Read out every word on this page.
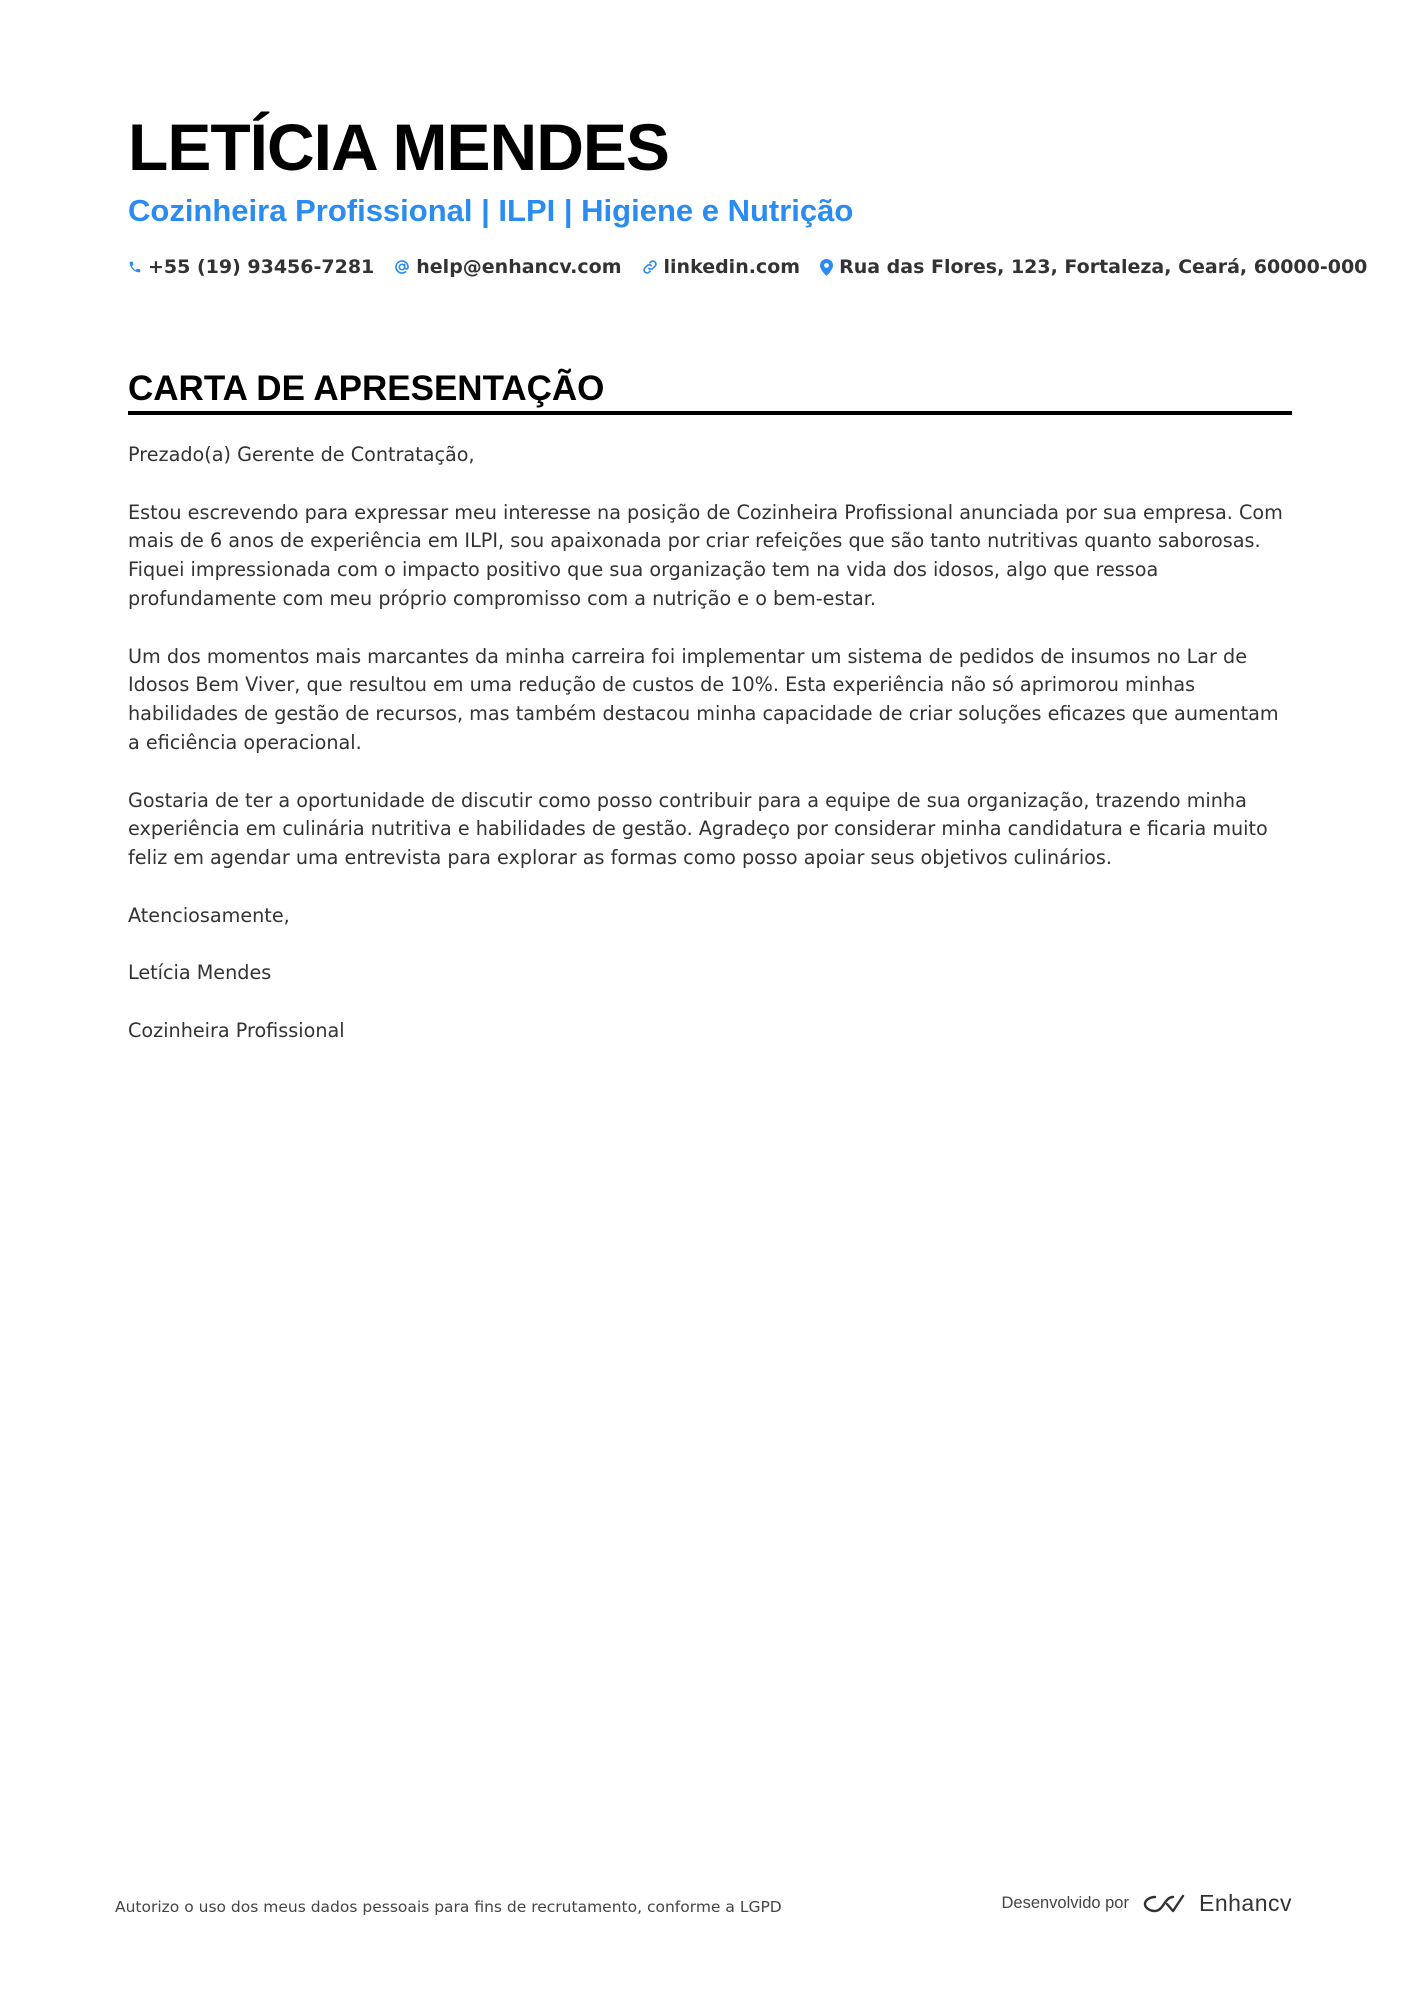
LETÍCIA MENDES
Cozinheira Profissional | ILPI | Higiene e Nutrição
+55 (19) 93456-7281 help@enhancv.com linkedin.com Rua das Flores, 123, Fortaleza, Ceará, 60000-000
CARTA DE APRESENTAÇÃO

Prezado(a) Gerente de Contratação,

Estou escrevendo para expressar meu interesse na posição de Cozinheira Profissional anunciada por sua empresa. Com mais de 6 anos de experiência em ILPI, sou apaixonada por criar refeições que são tanto nutritivas quanto saborosas. Fiquei impressionada com o impacto positivo que sua organização tem na vida dos idosos, algo que ressoa profundamente com meu próprio compromisso com a nutrição e o bem-estar.

Um dos momentos mais marcantes da minha carreira foi implementar um sistema de pedidos de insumos no Lar de Idosos Bem Viver, que resultou em uma redução de custos de 10%. Esta experiência não só aprimorou minhas habilidades de gestão de recursos, mas também destacou minha capacidade de criar soluções eficazes que aumentam a eficiência operacional.

Gostaria de ter a oportunidade de discutir como posso contribuir para a equipe de sua organização, trazendo minha experiência em culinária nutritiva e habilidades de gestão. Agradeço por considerar minha candidatura e ficaria muito feliz em agendar uma entrevista para explorar as formas como posso apoiar seus objetivos culinários.

Atenciosamente,

Letícia Mendes

Cozinheira Profissional

Autorizo o uso dos meus dados pessoais para fins de recrutamento, conforme a LGPD	Desenvolvido por	Enhancv
